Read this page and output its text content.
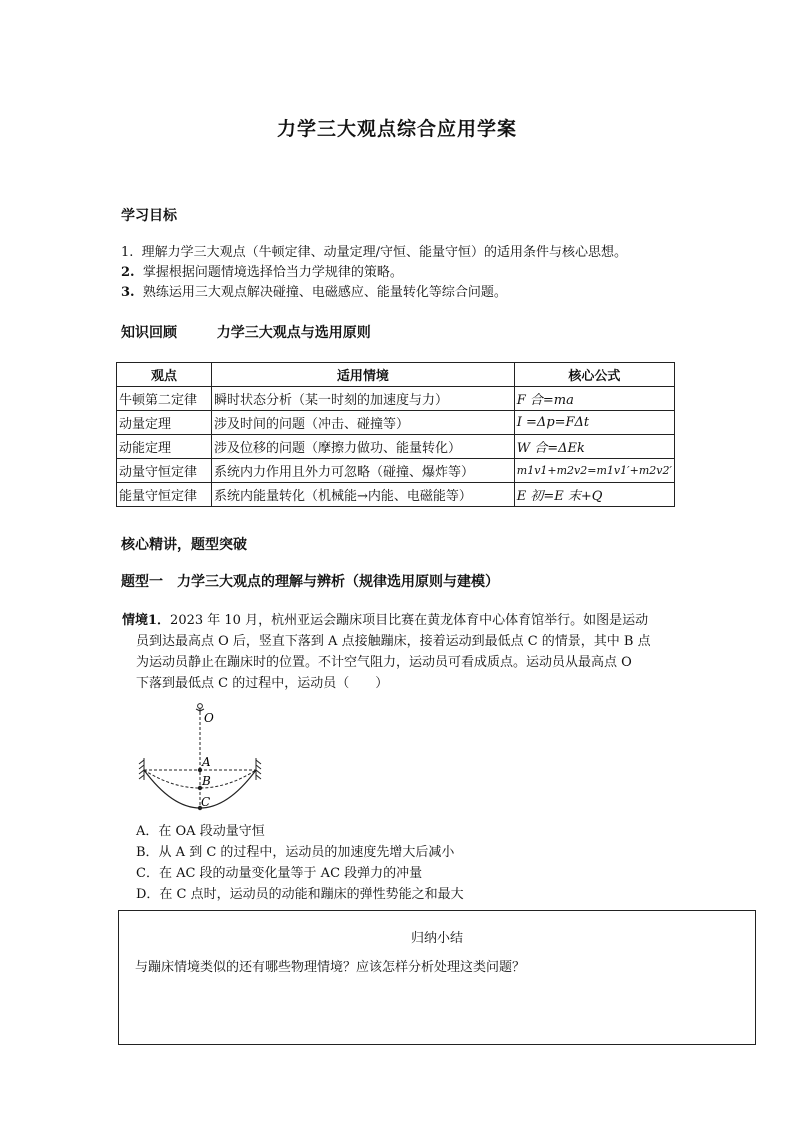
力学三大观点综合应用学案
学习目标
1. 理解力学三大观点（牛顿定律、动量定理/守恒、能量守恒）的适用条件与核心思想。
2. 掌握根据问题情境选择恰当力学规律的策略。
3. 熟练运用三大观点解决碰撞、电磁感应、能量转化等综合问题。
知识回顾	力学三大观点与选用原则
观点	适用情境	核心公式
牛顿第二定律	瞬时状态分析（某一时刻的加速度与力）	F 合=ma
动量定理	涉及时间的问题（冲击、碰撞等）	I =Δp=FΔt
动能定理	涉及位移的问题（摩擦力做功、能量转化）	W 合=ΔEk
动量守恒定律	系统内力作用且外力可忽略（碰撞、爆炸等）	m1v1+m2v2=m1v1′+m2v2′
能量守恒定律	系统内能量转化（机械能→内能、电磁能等）	E 初=E 末+Q
核心精讲，题型突破
题型一　力学三大观点的理解与辨析（规律选用原则与建模）
情境1．2023 年 10 月，杭州亚运会蹦床项目比赛在黄龙体育中心体育馆举行。如图是运动
员到达最高点 O 后，竖直下落到 A 点接触蹦床，接着运动到最低点 C 的情景，其中 B 点
为运动员静止在蹦床时的位置。不计空气阻力，运动员可看成质点。运动员从最高点 O
下落到最低点 C 的过程中，运动员（　　）
O
A
B
C
A．在 OA 段动量守恒
B．从 A 到 C 的过程中，运动员的加速度先增大后减小
C．在 AC 段的动量变化量等于 AC 段弹力的冲量
D．在 C 点时，运动员的动能和蹦床的弹性势能之和最大
归纳小结
与蹦床情境类似的还有哪些物理情境？应该怎样分析处理这类问题？
